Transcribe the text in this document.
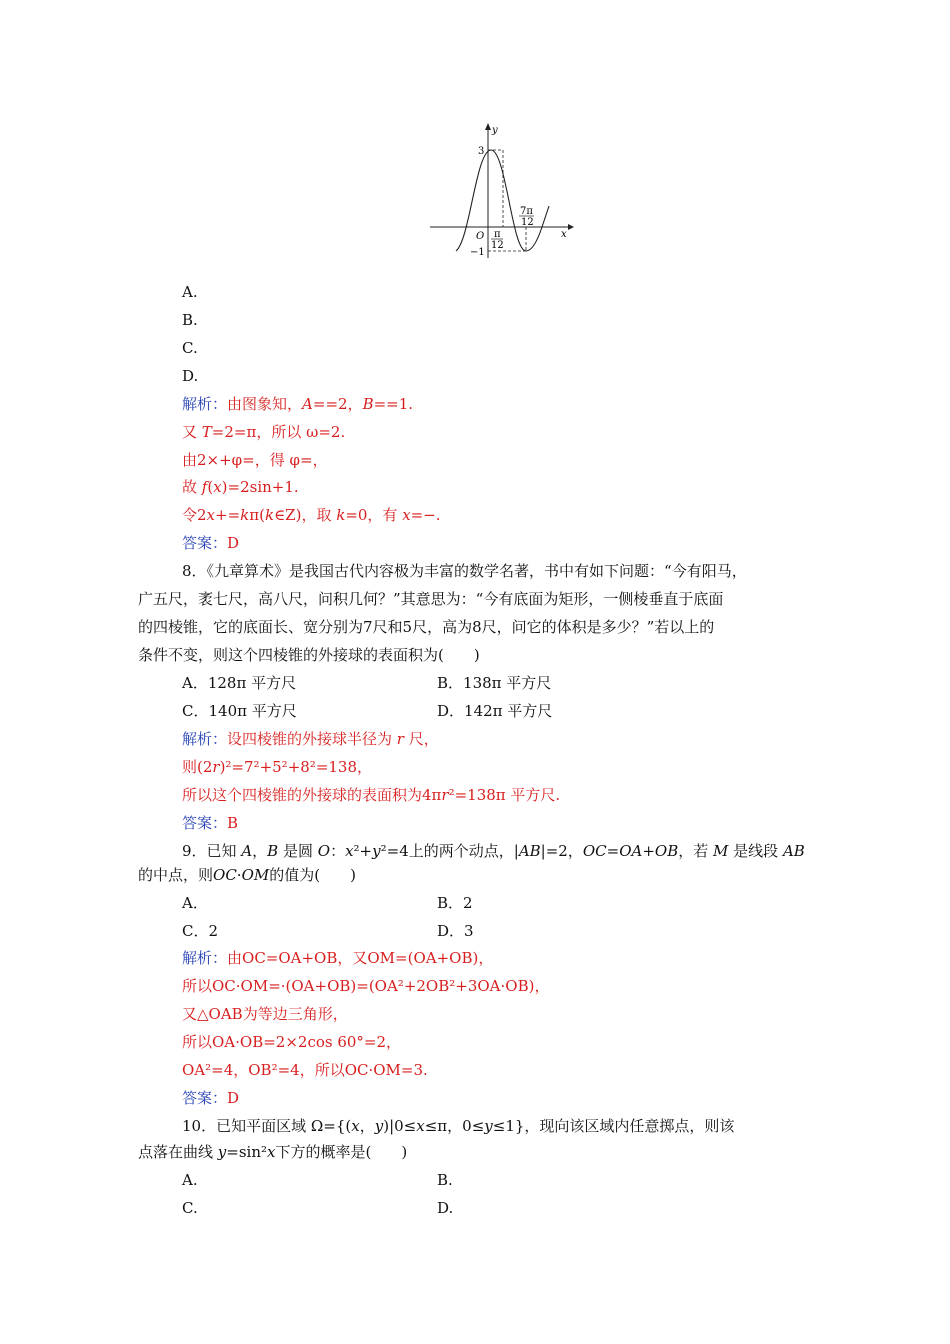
y
x
O
3
−1
π
12
7π
12
A.
B.
C.
D.
解析：由图象知，A==2，B==1.
又 T=2=π，所以 ω=2.
由2×+φ=，得 φ=，
故 f(x)=2sin+1.
令2x+=kπ(k∈Z)，取 k=0，有 x=−.
答案：D
8．《九章算术》是我国古代内容极为丰富的数学名著，书中有如下问题：“今有阳马，
广五尺，袤七尺，高八尺，问积几何？”其意思为：“今有底面为矩形，一侧棱垂直于底面
的四棱锥，它的底面长、宽分别为7尺和5尺，高为8尺，问它的体积是多少？”若以上的
条件不变，则这个四棱锥的外接球的表面积为(　　)
A．128π 平方尺	B．138π 平方尺
C．140π 平方尺	D．142π 平方尺
解析：设四棱锥的外接球半径为 r 尺，
则(2r)²=7²+5²+8²=138，
所以这个四棱锥的外接球的表面积为4πr²=138π 平方尺.
答案：B
9．已知 A，B 是圆 O：x²+y²=4上的两个动点，|AB|=2，OC=OA+OB，若 M 是线段 AB
的中点，则OC·OM的值为(　　)
A．	B．2
C．2	D．3
解析：由OC=OA+OB，又OM=(OA+OB)，
所以OC·OM=·(OA+OB)=(OA²+2OB²+3OA·OB)，
又△OAB为等边三角形，
所以OA·OB=2×2cos 60°=2，
OA²=4，OB²=4，所以OC·OM=3.
答案：D
10．已知平面区域 Ω={(x，y)|0≤x≤π，0≤y≤1}，现向该区域内任意掷点，则该
点落在曲线 y=sin²x下方的概率是(　　)
A.	B.
C.	D.
